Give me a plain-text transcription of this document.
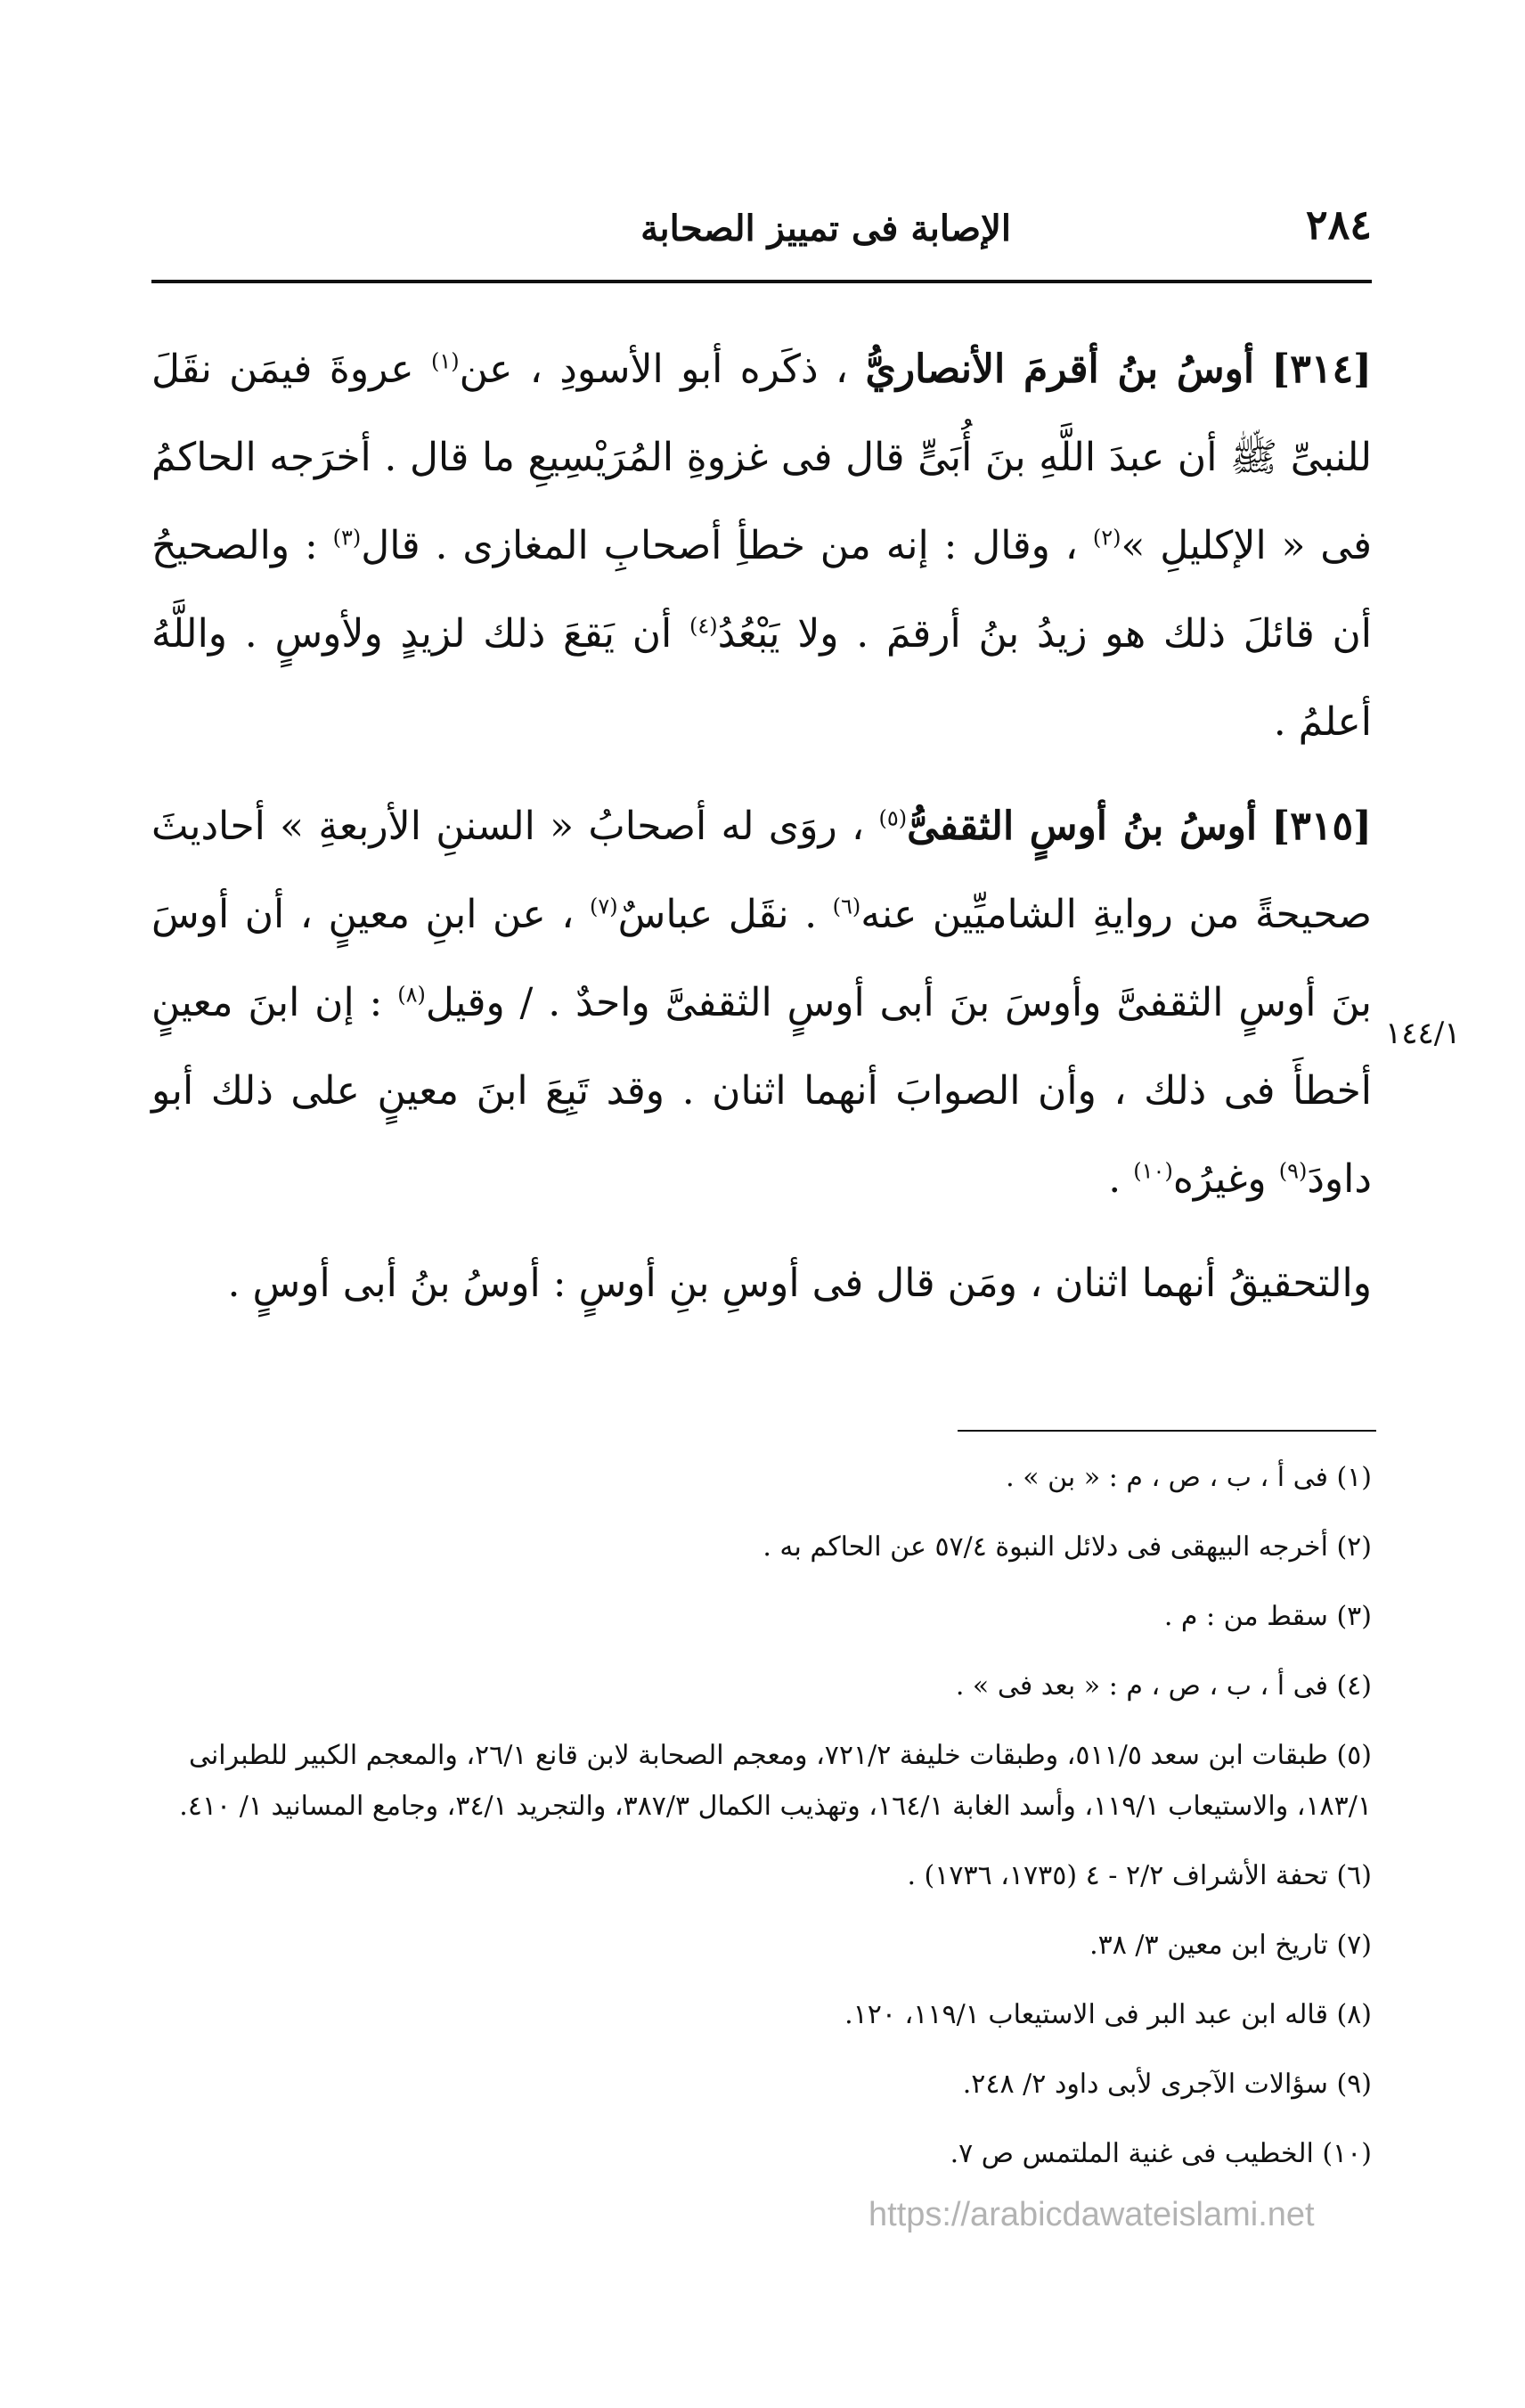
٢٨٤
الإصابة فى تمييز الصحابة

[٣١٤] أوسُ بنُ أقرمَ الأنصاريُّ ، ذكَره أبو الأسودِ ، عن$^{(١)}$ عروةَ فيمَن نقَلَ للنبىِّ ﷺ أن عبدَ اللَّهِ بنَ أُبَىٍّ قال فى غزوةِ المُرَيْسِيعِ ما قال . أخرَجه الحاكمُ فى « الإكليلِ »$^{(٢)}$ ، وقال : إنه من خطأِ أصحابِ المغازى . قال$^{(٣)}$ : والصحيحُ أن قائلَ ذلك هو زيدُ بنُ أرقمَ . ولا يَبْعُدُ$^{(٤)}$ أن يَقعَ ذلك لزيدٍ ولأوسٍ . واللَّهُ أعلمُ .

[٣١٥] أوسُ بنُ أوسٍ الثقفىُّ$^{(٥)}$ ، روَى له أصحابُ « السننِ الأربعةِ » أحاديثَ صحيحةً من روايةِ الشاميِّين عنه$^{(٦)}$ . نقَل عباسٌ$^{(٧)}$ ، عن ابنِ معينٍ ، أن أوسَ بنَ أوسٍ الثقفىَّ وأوسَ بنَ أبى أوسٍ الثقفىَّ واحدٌ . / وقيل$^{(٨)}$ : إن ابنَ معينٍ أخطأَ فى ذلك ، وأن الصوابَ أنهما اثنان . وقد تَبِعَ ابنَ معينٍ على ذلك أبو داودَ$^{(٩)}$ وغيرُه$^{(١٠)}$ .

والتحقيقُ أنهما اثنان ، ومَن قال فى أوسِ بنِ أوسٍ : أوسُ بنُ أبى أوسٍ .

١٤٤/١

(١) فى أ ، ب ، ص ، م : « بن » .

(٢) أخرجه البيهقى فى دلائل النبوة ٥٧/٤ عن الحاكم به .

(٣) سقط من : م .

(٤) فى أ ، ب ، ص ، م : « بعد فى » .

(٥) طبقات ابن سعد ٥١١/٥، وطبقات خليفة ٧٢١/٢، ومعجم الصحابة لابن قانع ٢٦/١، والمعجم الكبير للطبرانى ١٨٣/١، والاستيعاب ١١٩/١، وأسد الغابة ١٦٤/١، وتهذيب الكمال ٣٨٧/٣، والتجريد ٣٤/١، وجامع المسانيد ١/ ٤١٠.

(٦) تحفة الأشراف ٢/٢ - ٤ (١٧٣٥، ١٧٣٦) .

(٧) تاريخ ابن معين ٣/ ٣٨.

(٨) قاله ابن عبد البر فى الاستيعاب ١١٩/١، ١٢٠.

(٩) سؤالات الآجرى لأبى داود ٢/ ٢٤٨.

(١٠) الخطيب فى غنية الملتمس ص ٧.

https://arabicdawateislami.net
